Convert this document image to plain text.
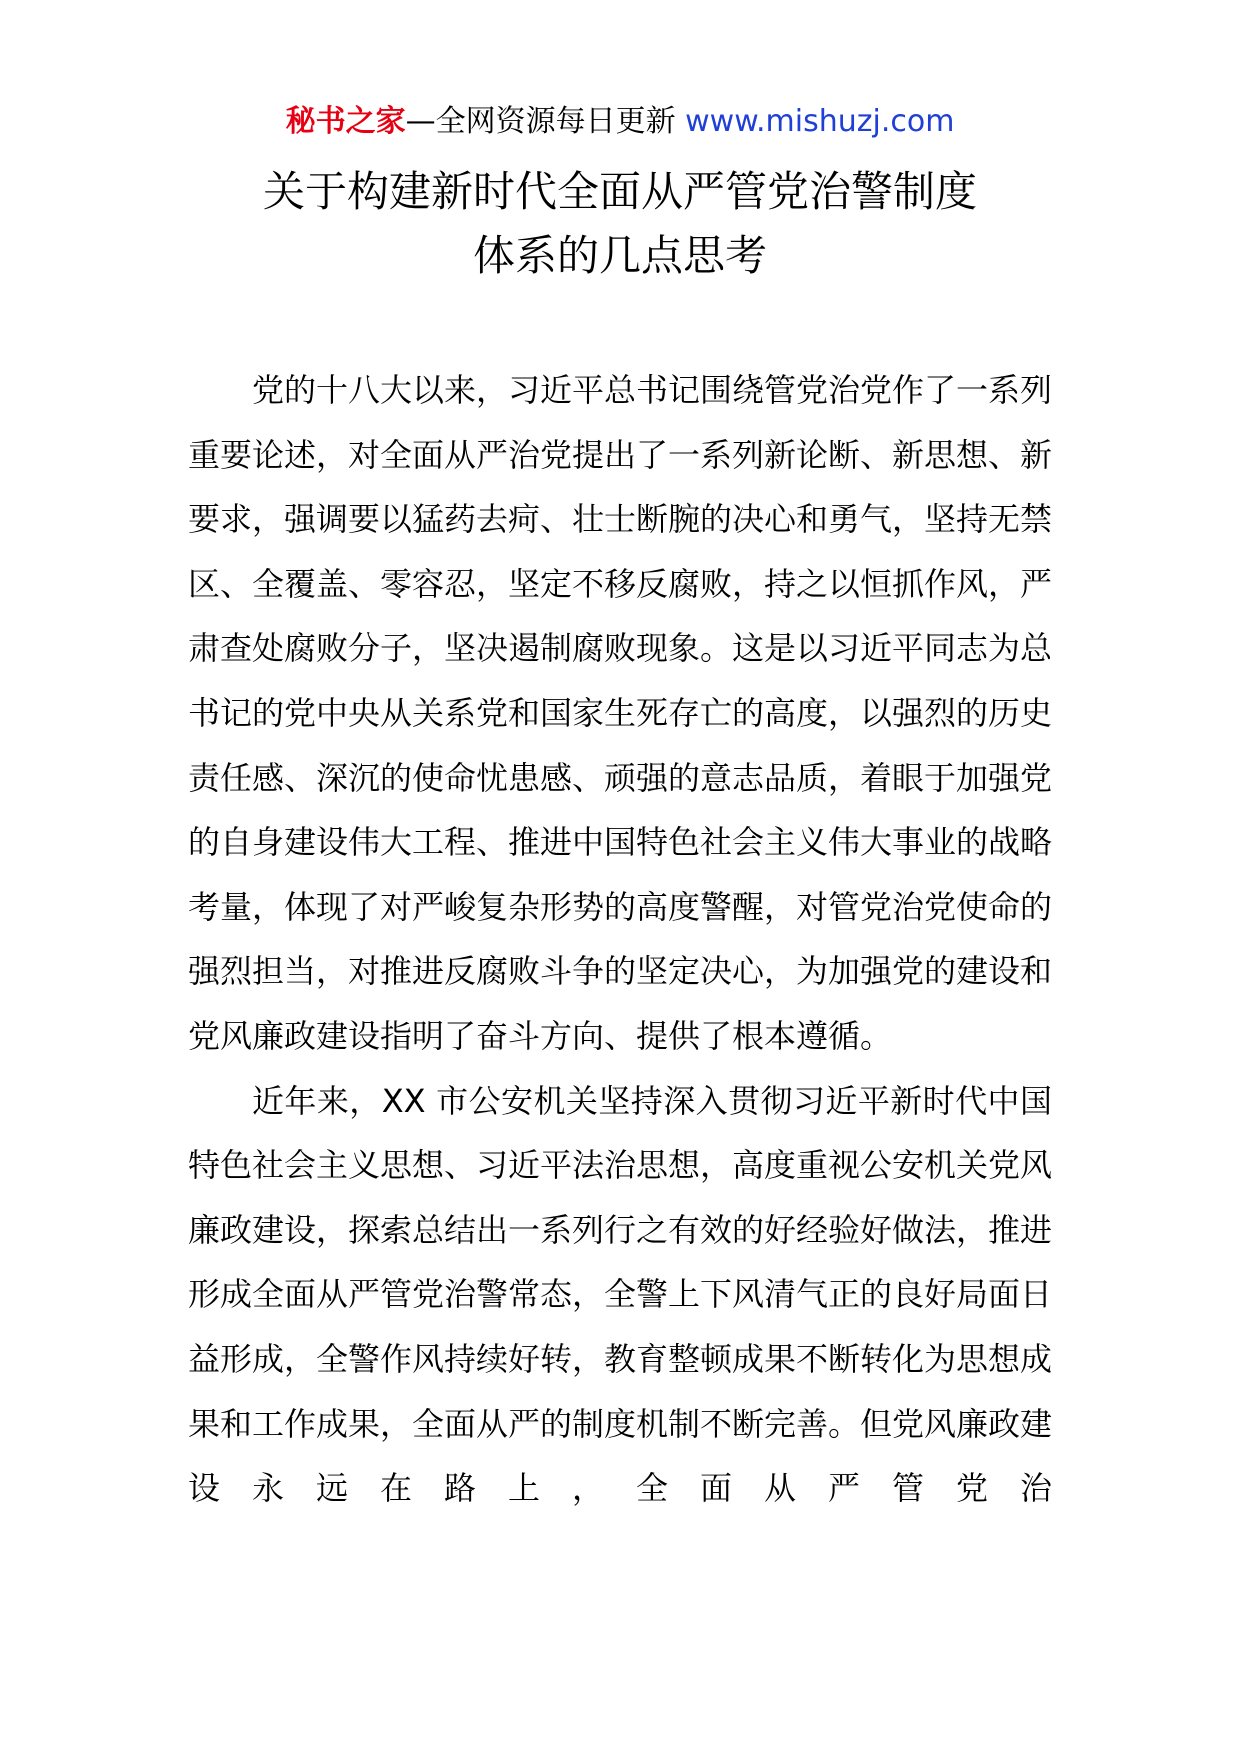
秘书之家—全网资源每日更新 www.mishuzj.com
关于构建新时代全面从严管党治警制度
体系的几点思考

党的十八大以来，习近平总书记围绕管党治党作了一系列重要论述，对全面从严治党提出了一系列新论断、新思想、新要求，强调要以猛药去疴、壮士断腕的决心和勇气，坚持无禁区、全覆盖、零容忍，坚定不移反腐败，持之以恒抓作风，严肃查处腐败分子，坚决遏制腐败现象。这是以习近平同志为总书记的党中央从关系党和国家生死存亡的高度，以强烈的历史责任感、深沉的使命忧患感、顽强的意志品质，着眼于加强党的自身建设伟大工程、推进中国特色社会主义伟大事业的战略考量，体现了对严峻复杂形势的高度警醒，对管党治党使命的强烈担当，对推进反腐败斗争的坚定决心，为加强党的建设和党风廉政建设指明了奋斗方向、提供了根本遵循。

近年来，XX 市公安机关坚持深入贯彻习近平新时代中国特色社会主义思想、习近平法治思想，高度重视公安机关党风廉政建设，探索总结出一系列行之有效的好经验好做法，推进形成全面从严管党治警常态，全警上下风清气正的良好局面日益形成，全警作风持续好转，教育整顿成果不断转化为思想成果和工作成果，全面从严的制度机制不断完善。但党风廉政建设永远在路上，全面从严管党治
